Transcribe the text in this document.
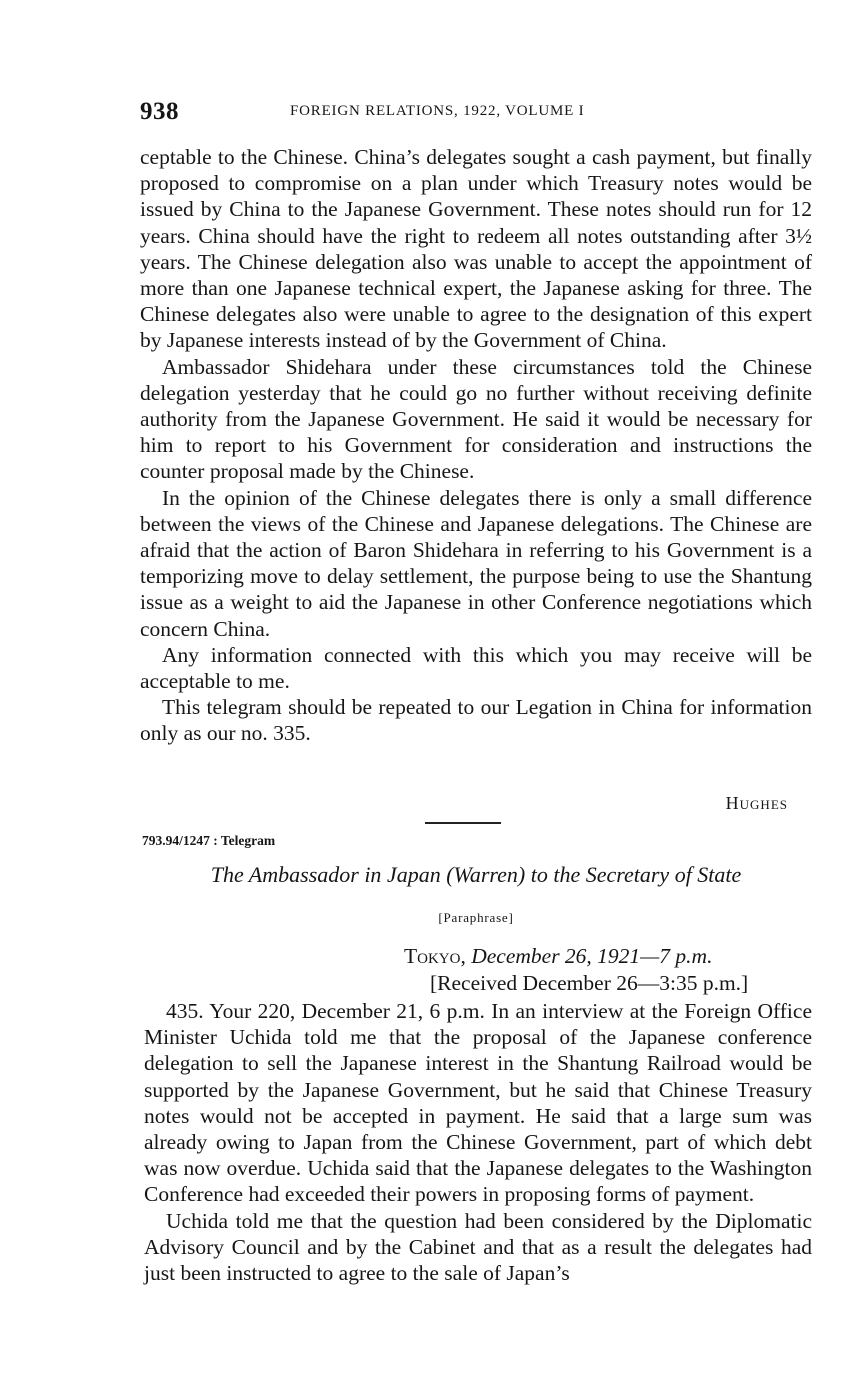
938	FOREIGN RELATIONS, 1922, VOLUME I

ceptable to the Chinese. China’s delegates sought a cash payment, but finally proposed to compromise on a plan under which Treasury notes would be issued by China to the Japanese Government. These notes should run for 12 years. China should have the right to redeem all notes outstanding after 3½ years. The Chinese delegation also was unable to accept the appointment of more than one Japanese technical expert, the Japanese asking for three. The Chinese delegates also were unable to agree to the designation of this expert by Japanese interests instead of by the Government of China.

Ambassador Shidehara under these circumstances told the Chinese delegation yesterday that he could go no further without receiving definite authority from the Japanese Government. He said it would be necessary for him to report to his Government for consideration and instructions the counter proposal made by the Chinese.

In the opinion of the Chinese delegates there is only a small difference between the views of the Chinese and Japanese delegations. The Chinese are afraid that the action of Baron Shidehara in referring to his Government is a temporizing move to delay settlement, the purpose being to use the Shantung issue as a weight to aid the Japanese in other Conference negotiations which concern China.

Any information connected with this which you may receive will be acceptable to me.

This telegram should be repeated to our Legation in China for information only as our no. 335.

Hughes
793.94/1247 : Telegram
The Ambassador in Japan (Warren) to the Secretary of State
[Paraphrase]
Tokyo, December 26, 1921—7 p.m.
[Received December 26—3:35 p.m.]

435. Your 220, December 21, 6 p.m. In an interview at the Foreign Office Minister Uchida told me that the proposal of the Japanese conference delegation to sell the Japanese interest in the Shantung Railroad would be supported by the Japanese Government, but he said that Chinese Treasury notes would not be accepted in payment. He said that a large sum was already owing to Japan from the Chinese Government, part of which debt was now overdue. Uchida said that the Japanese delegates to the Washington Conference had exceeded their powers in proposing forms of payment.

Uchida told me that the question had been considered by the Diplomatic Advisory Council and by the Cabinet and that as a result the delegates had just been instructed to agree to the sale of Japan’s
